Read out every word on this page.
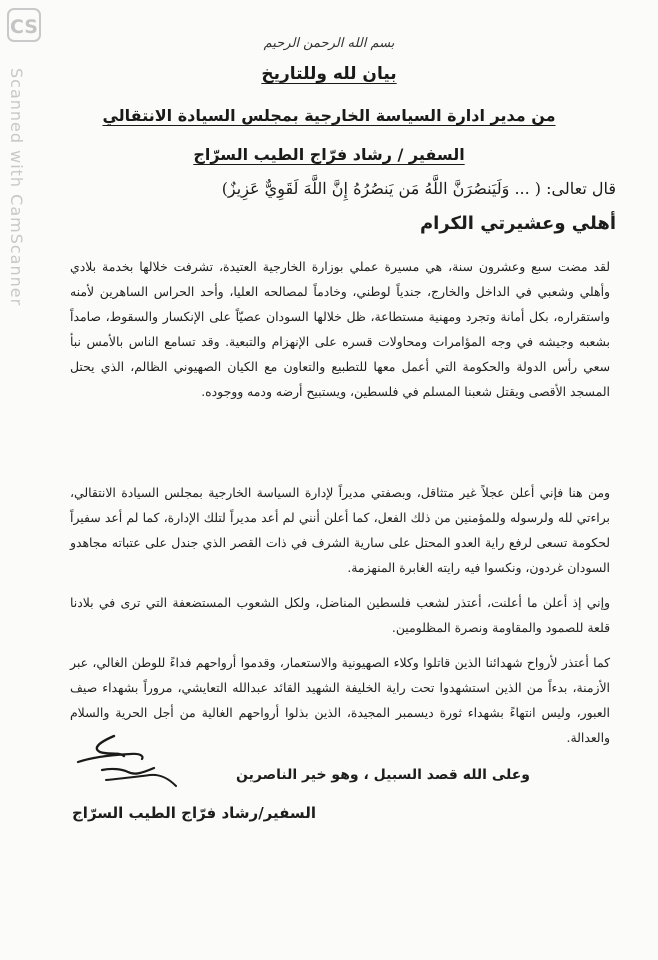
CS
Scanned with CamScanner
بسم الله الرحمن الرحيم
بيان لله وللتاريخ
من مدير ادارة السياسة الخارجية بمجلس السيادة الانتقالي
السفير / رشاد فرّاج الطيب السرّاج
قال تعالى: ( ... وَلَيَنصُرَنَّ اللَّهُ مَن يَنصُرُهُ إِنَّ اللَّهَ لَقَوِيٌّ عَزِيزٌ)
أهلي وعشيرتي الكرام
لقد مضت سبع وعشرون سنة، هي مسيرة عملي بوزارة الخارجية العتيدة، تشرفت خلالها بخدمة بلادي وأهلي وشعبي في الداخل والخارج، جندياً لوطني، وخادماً لمصالحه العليا، وأحد الحراس الساهرين لأمنه واستقراره، بكل أمانة وتجرد ومهنية مستطاعة، ظل خلالها السودان عصيّاً على الإنكسار والسقوط، صامداً بشعبه وجيشه في وجه المؤامرات ومحاولات قسره على الإنهزام والتبعية. وقد تسامع الناس بالأمس نبأ سعي رأس الدولة والحكومة التي أعمل معها للتطبيع والتعاون مع الكيان الصهيوني الظالم، الذي يحتل المسجد الأقصى ويقتل شعبنا المسلم في فلسطين، ويستبيح أرضه ودمه ووجوده.
ومن هنا فإني أعلن عجلاً غير متثاقل، وبصفتي مديراً لإدارة السياسة الخارجية بمجلس السيادة الانتقالي، براءتي لله ولرسوله وللمؤمنين من ذلك الفعل، كما أعلن أنني لم أعد مديراً لتلك الإدارة، كما لم أعد سفيراً لحكومة تسعى لرفع راية العدو المحتل على سارية الشرف في ذات القصر الذي جندل على عتباته مجاهدو السودان غردون، ونكسوا فيه رايته الغابرة المنهزمة.
وإني إذ أعلن ما أعلنت، أعتذر لشعب فلسطين المناضل، ولكل الشعوب المستضعفة التي ترى في بلادنا قلعة للصمود والمقاومة ونصرة المظلومين.
كما أعتذر لأرواح شهدائنا الذين قاتلوا وكلاء الصهيونية والاستعمار، وقدموا أرواحهم فداءً للوطن الغالي، عبر الأزمنة، بدءاً من الذين استشهدوا تحت راية الخليفة الشهيد القائد عبدالله التعايشي، مروراً بشهداء صيف العبور، وليس انتهاءً بشهداء ثورة ديسمبر المجيدة، الذين بذلوا أرواحهم الغالية من أجل الحرية والسلام والعدالة.
وعلى الله قصد السبيل ، وهو خير الناصرين
السفير/رشاد فرّاج الطيب السرّاج
